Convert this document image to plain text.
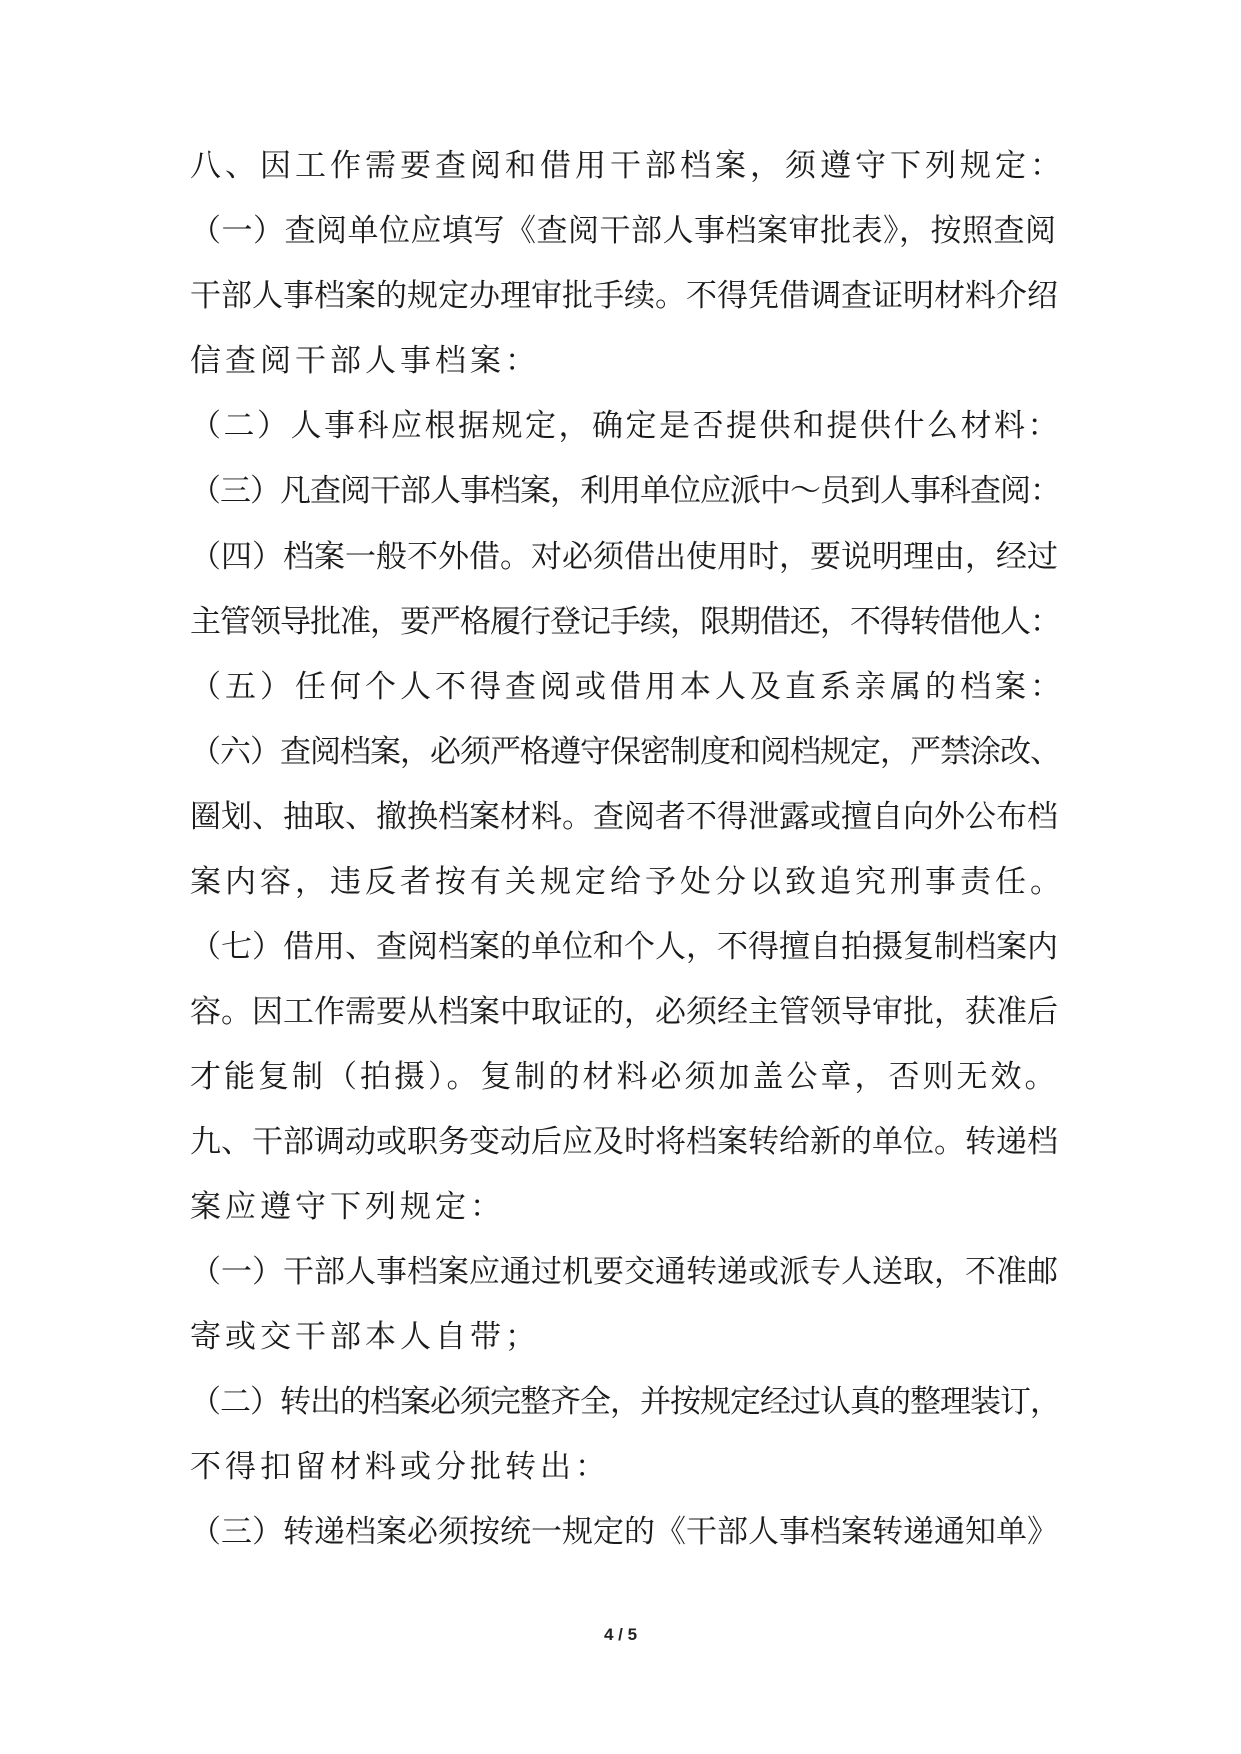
八、因工作需要查阅和借用干部档案，须遵守下列规定：
（一）查阅单位应填写《查阅干部人事档案审批表》，按照查阅
干部人事档案的规定办理审批手续。不得凭借调查证明材料介绍
信查阅干部人事档案：
（二）人事科应根据规定，确定是否提供和提供什么材料：
（三）凡查阅干部人事档案，利用单位应派中～员到人事科查阅：
（四）档案一般不外借。对必须借出使用时，要说明理由，经过
主管领导批准，要严格履行登记手续，限期借还，不得转借他人：
（五）任何个人不得查阅或借用本人及直系亲属的档案：
（六）查阅档案，必须严格遵守保密制度和阅档规定，严禁涂改、
圈划、抽取、撤换档案材料。查阅者不得泄露或擅自向外公布档
案内容，违反者按有关规定给予处分以致追究刑事责任。
（七）借用、查阅档案的单位和个人，不得擅自拍摄复制档案内
容。因工作需要从档案中取证的，必须经主管领导审批，获准后
才能复制（拍摄）。复制的材料必须加盖公章，否则无效。
九、干部调动或职务变动后应及时将档案转给新的单位。转递档
案应遵守下列规定：
（一）干部人事档案应通过机要交通转递或派专人送取，不准邮
寄或交干部本人自带；
（二）转出的档案必须完整齐全，并按规定经过认真的整理装订，
不得扣留材料或分批转出：
（三）转递档案必须按统一规定的《干部人事档案转递通知单》
4 / 5
